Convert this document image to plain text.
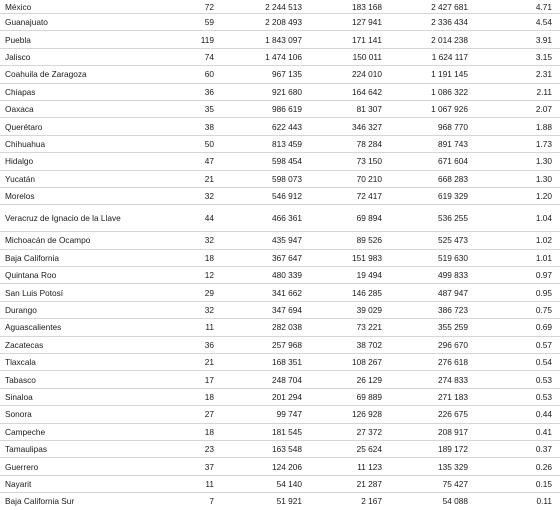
México	72	2 244 513	183 168	2 427 681	4.71
Guanajuato	59	2 208 493	127 941	2 336 434	4.54
Puebla	119	1 843 097	171 141	2 014 238	3.91
Jalisco	74	1 474 106	150 011	1 624 117	3.15
Coahuila de Zaragoza	60	967 135	224 010	1 191 145	2.31
Chiapas	36	921 680	164 642	1 086 322	2.11
Oaxaca	35	986 619	81 307	1 067 926	2.07
Querétaro	38	622 443	346 327	968 770	1.88
Chihuahua	50	813 459	78 284	891 743	1.73
Hidalgo	47	598 454	73 150	671 604	1.30
Yucatán	21	598 073	70 210	668 283	1.30
Morelos	32	546 912	72 417	619 329	1.20
Veracruz de Ignacio de la Llave	44	466 361	69 894	536 255	1.04
Michoacán de Ocampo	32	435 947	89 526	525 473	1.02
Baja California	18	367 647	151 983	519 630	1.01
Quintana Roo	12	480 339	19 494	499 833	0.97
San Luis Potosí	29	341 662	146 285	487 947	0.95
Durango	32	347 694	39 029	386 723	0.75
Aguascalientes	11	282 038	73 221	355 259	0.69
Zacatecas	36	257 968	38 702	296 670	0.57
Tlaxcala	21	168 351	108 267	276 618	0.54
Tabasco	17	248 704	26 129	274 833	0.53
Sinaloa	18	201 294	69 889	271 183	0.53
Sonora	27	99 747	126 928	226 675	0.44
Campeche	18	181 545	27 372	208 917	0.41
Tamaulipas	23	163 548	25 624	189 172	0.37
Guerrero	37	124 206	11 123	135 329	0.26
Nayarit	11	54 140	21 287	75 427	0.15
Baja California Sur	7	51 921	2 167	54 088	0.11
